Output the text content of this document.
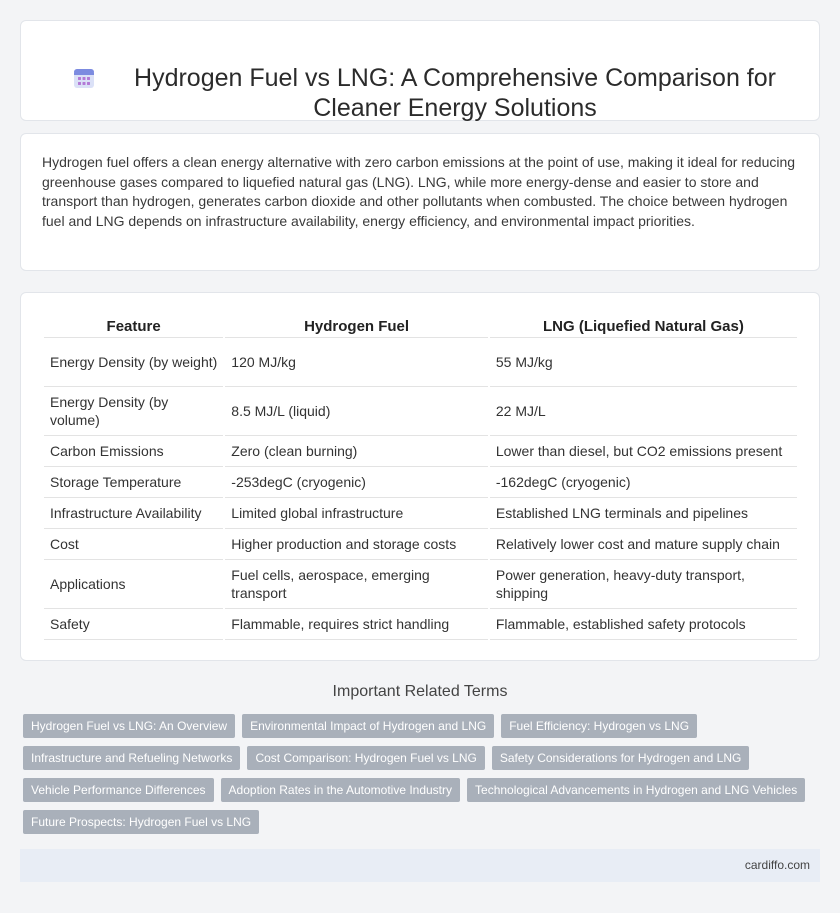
Hydrogen Fuel vs LNG: A Comprehensive Comparison for Cleaner Energy Solutions

Hydrogen fuel offers a clean energy alternative with zero carbon emissions at the point of use, making it ideal for reducing greenhouse gases compared to liquefied natural gas (LNG). LNG, while more energy-dense and easier to store and transport than hydrogen, generates carbon dioxide and other pollutants when combusted. The choice between hydrogen fuel and LNG depends on infrastructure availability, energy efficiency, and environmental impact priorities.

Feature	Hydrogen Fuel	LNG (Liquefied Natural Gas)
Energy Density (by weight)	120 MJ/kg	55 MJ/kg
Energy Density (by volume)	8.5 MJ/L (liquid)	22 MJ/L
Carbon Emissions	Zero (clean burning)	Lower than diesel, but CO2 emissions present
Storage Temperature	-253degC (cryogenic)	-162degC (cryogenic)
Infrastructure Availability	Limited global infrastructure	Established LNG terminals and pipelines
Cost	Higher production and storage costs	Relatively lower cost and mature supply chain
Applications	Fuel cells, aerospace, emerging transport	Power generation, heavy-duty transport, shipping
Safety	Flammable, requires strict handling	Flammable, established safety protocols
Important Related Terms
Hydrogen Fuel vs LNG: An Overview	Environmental Impact of Hydrogen and LNG	Fuel Efficiency: Hydrogen vs LNG
Infrastructure and Refueling Networks	Cost Comparison: Hydrogen Fuel vs LNG	Safety Considerations for Hydrogen and LNG
Vehicle Performance Differences	Adoption Rates in the Automotive Industry	Technological Advancements in Hydrogen and LNG Vehicles
Future Prospects: Hydrogen Fuel vs LNG
cardiffo.com
